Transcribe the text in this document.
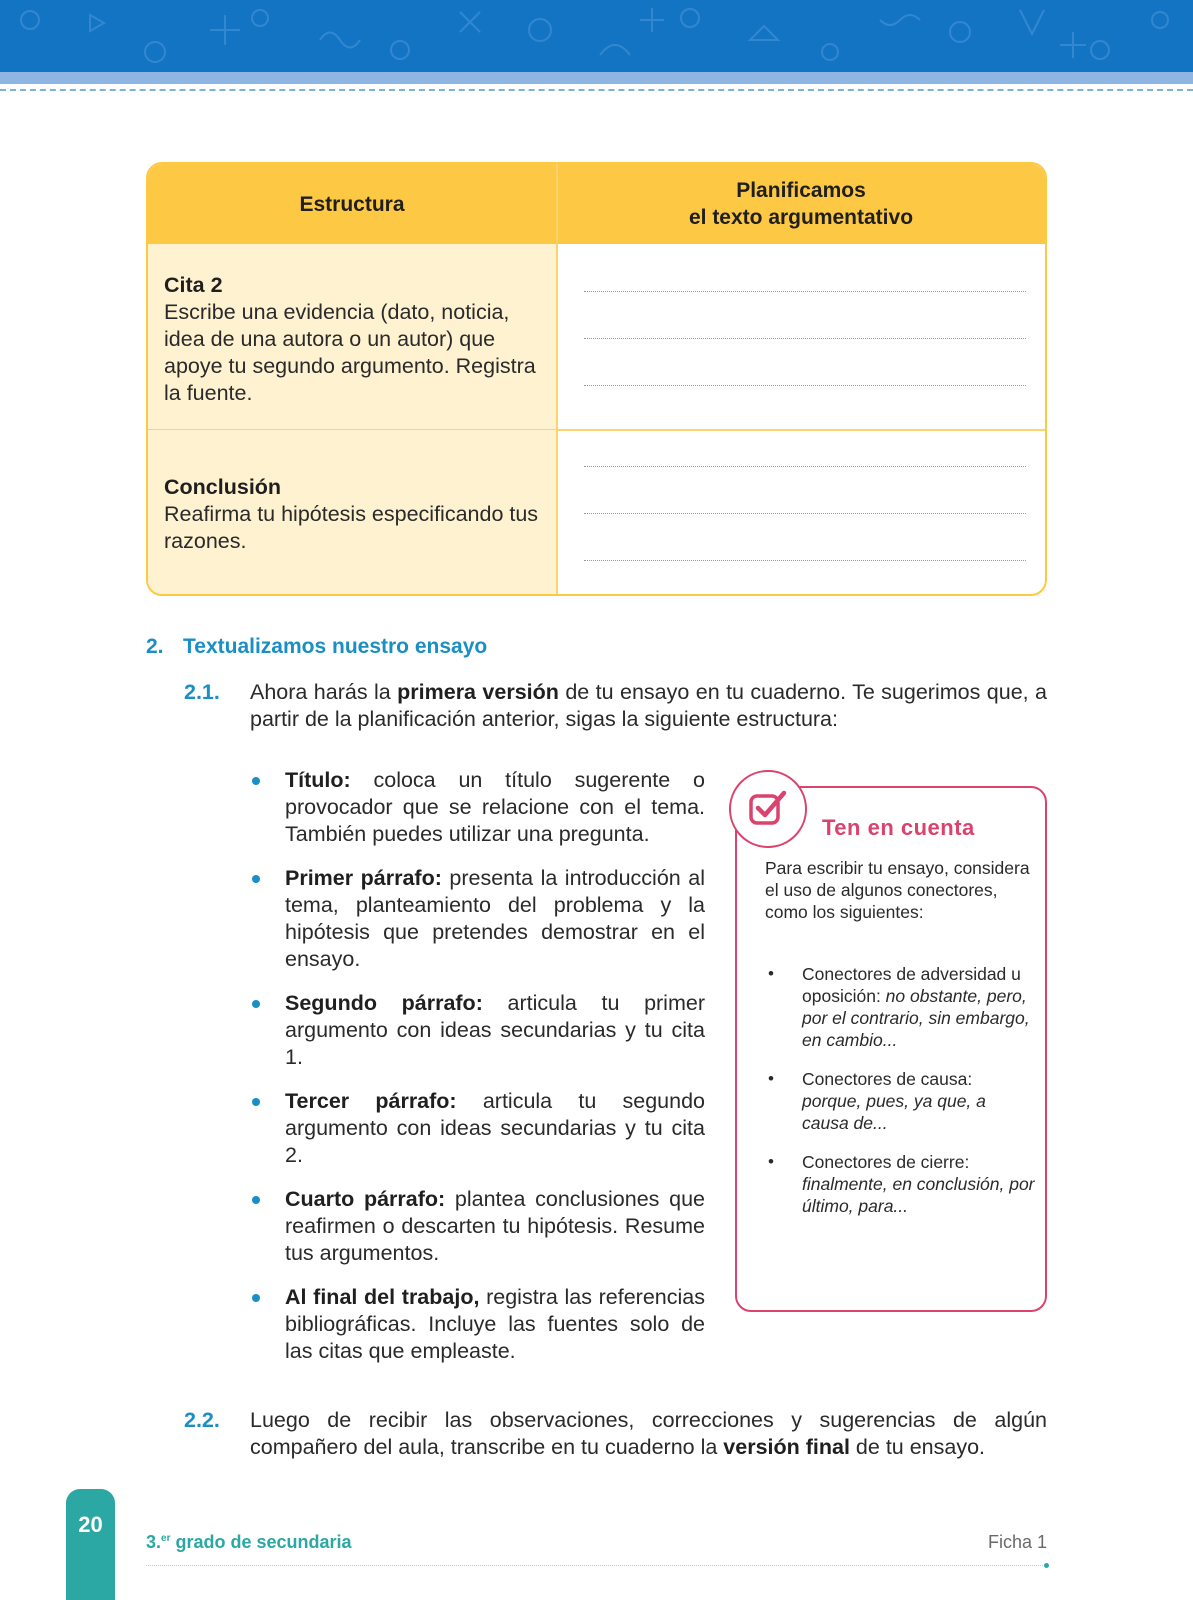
Estructura
Planificamos
el texto argumentativo
Cita 2
Escribe una evidencia (dato, noticia, idea de una autora o un autor) que apoye tu segundo argumento. Registra la fuente.
Conclusión
Reafirma tu hipótesis especificando tus razones.
2. Textualizamos nuestro ensayo
2.1. Ahora harás la primera versión de tu ensayo en tu cuaderno. Te sugerimos que, a partir de la planificación anterior, sigas la siguiente estructura:
Título: coloca un título sugerente o provocador que se relacione con el tema. También puedes utilizar una pregunta.
Primer párrafo: presenta la introducción al tema, planteamiento del problema y la hipótesis que pretendes demostrar en el ensayo.
Segundo párrafo: articula tu primer argumento con ideas secundarias y tu cita 1.
Tercer párrafo: articula tu segundo argumento con ideas secundarias y tu cita 2.
Cuarto párrafo: plantea conclusiones que reafirmen o descarten tu hipótesis. Resume tus argumentos.
Al final del trabajo, registra las referencias bibliográficas. Incluye las fuentes solo de las citas que empleaste.
Ten en cuenta
Para escribir tu ensayo, considera el uso de algunos conectores, como los siguientes:
• Conectores de adversidad u oposición: no obstante, pero, por el contrario, sin embargo, en cambio...
• Conectores de causa: porque, pues, ya que, a causa de...
• Conectores de cierre: finalmente, en conclusión, por último, para...
2.2. Luego de recibir las observaciones, correcciones y sugerencias de algún compañero del aula, transcribe en tu cuaderno la versión final de tu ensayo.
20
3.$^{er}$ grado de secundaria	Ficha 1
